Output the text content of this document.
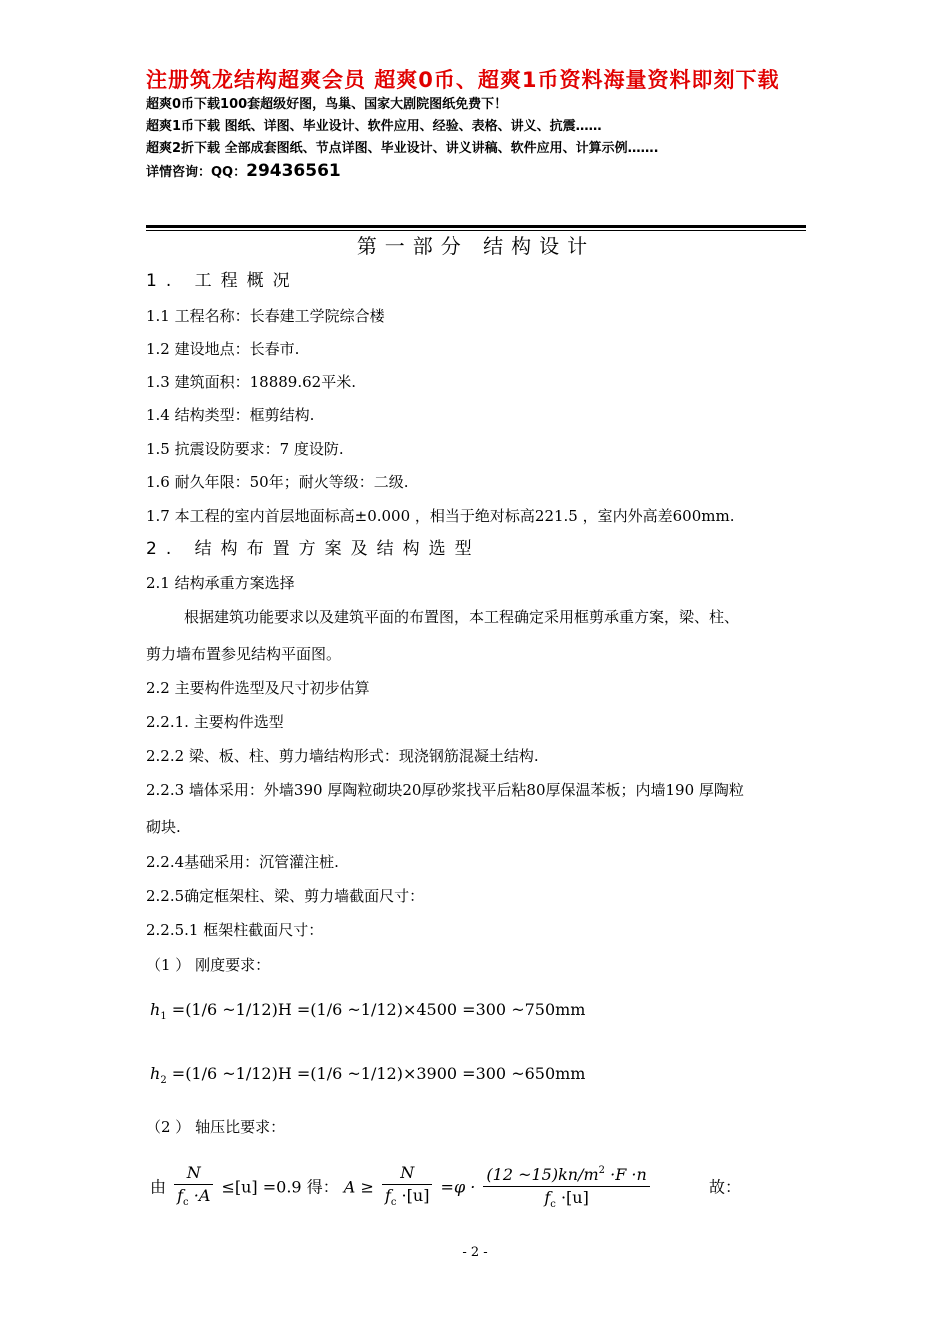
注册筑龙结构超爽会员 超爽0币、超爽1币资料海量资料即刻下载

超爽0币下载100套超级好图，鸟巢、国家大剧院图纸免费下！

超爽1币下载 图纸、详图、毕业设计、软件应用、经验、表格、讲义、抗震……

超爽2折下载 全部成套图纸、节点详图、毕业设计、讲义讲稿、软件应用、计算示例…….

详情咨询：QQ：29436561

第一部分 结构设计
1. 工程概况
1.1 工程名称：长春建工学院综合楼
1.2 建设地点：长春市.
1.3 建筑面积：18889.62平米.
1.4 结构类型：框剪结构.
1.5 抗震设防要求：7 度设防.
1.6 耐久年限：50年；耐火等级：二级.
1.7 本工程的室内首层地面标高±0.000 ，相当于绝对标高221.5 ，室内外高差600mm.
2. 结构布置方案及结构选型
2.1 结构承重方案选择
根据建筑功能要求以及建筑平面的布置图，本工程确定采用框剪承重方案，梁、柱、
剪力墙布置参见结构平面图。
2.2 主要构件选型及尺寸初步估算
2.2.1. 主要构件选型
2.2.2 梁、板、柱、剪力墙结构形式：现浇钢筋混凝土结构.
2.2.3 墙体采用：外墙390 厚陶粒砌块20厚砂浆找平后粘80厚保温苯板；内墙190 厚陶粒
砌块.
2.2.4基础采用：沉管灌注桩.
2.2.5确定框架柱、梁、剪力墙截面尺寸：
2.2.5.1 框架柱截面尺寸：
（1 ） 刚度要求：
$h_1 =(1/6$ ~1/12)H =(1/6 ~1/12)×4500 =300 ~750mm
$h_2 =(1/6$ ~1/12)H =(1/6 ~1/12)×3900 =300 ~650mm
（2 ） 轴压比要求：
由 $\frac{N}{f_c \cdot A} \le[u] =0.9$ 得： $A \ge \frac{N}{f_c \cdot[u]} =\varphi \cdot \frac{(12 \sim 15)kn/m^2 \cdot F \cdot n}{f_c \cdot[u]}$	故：
- 2 -
